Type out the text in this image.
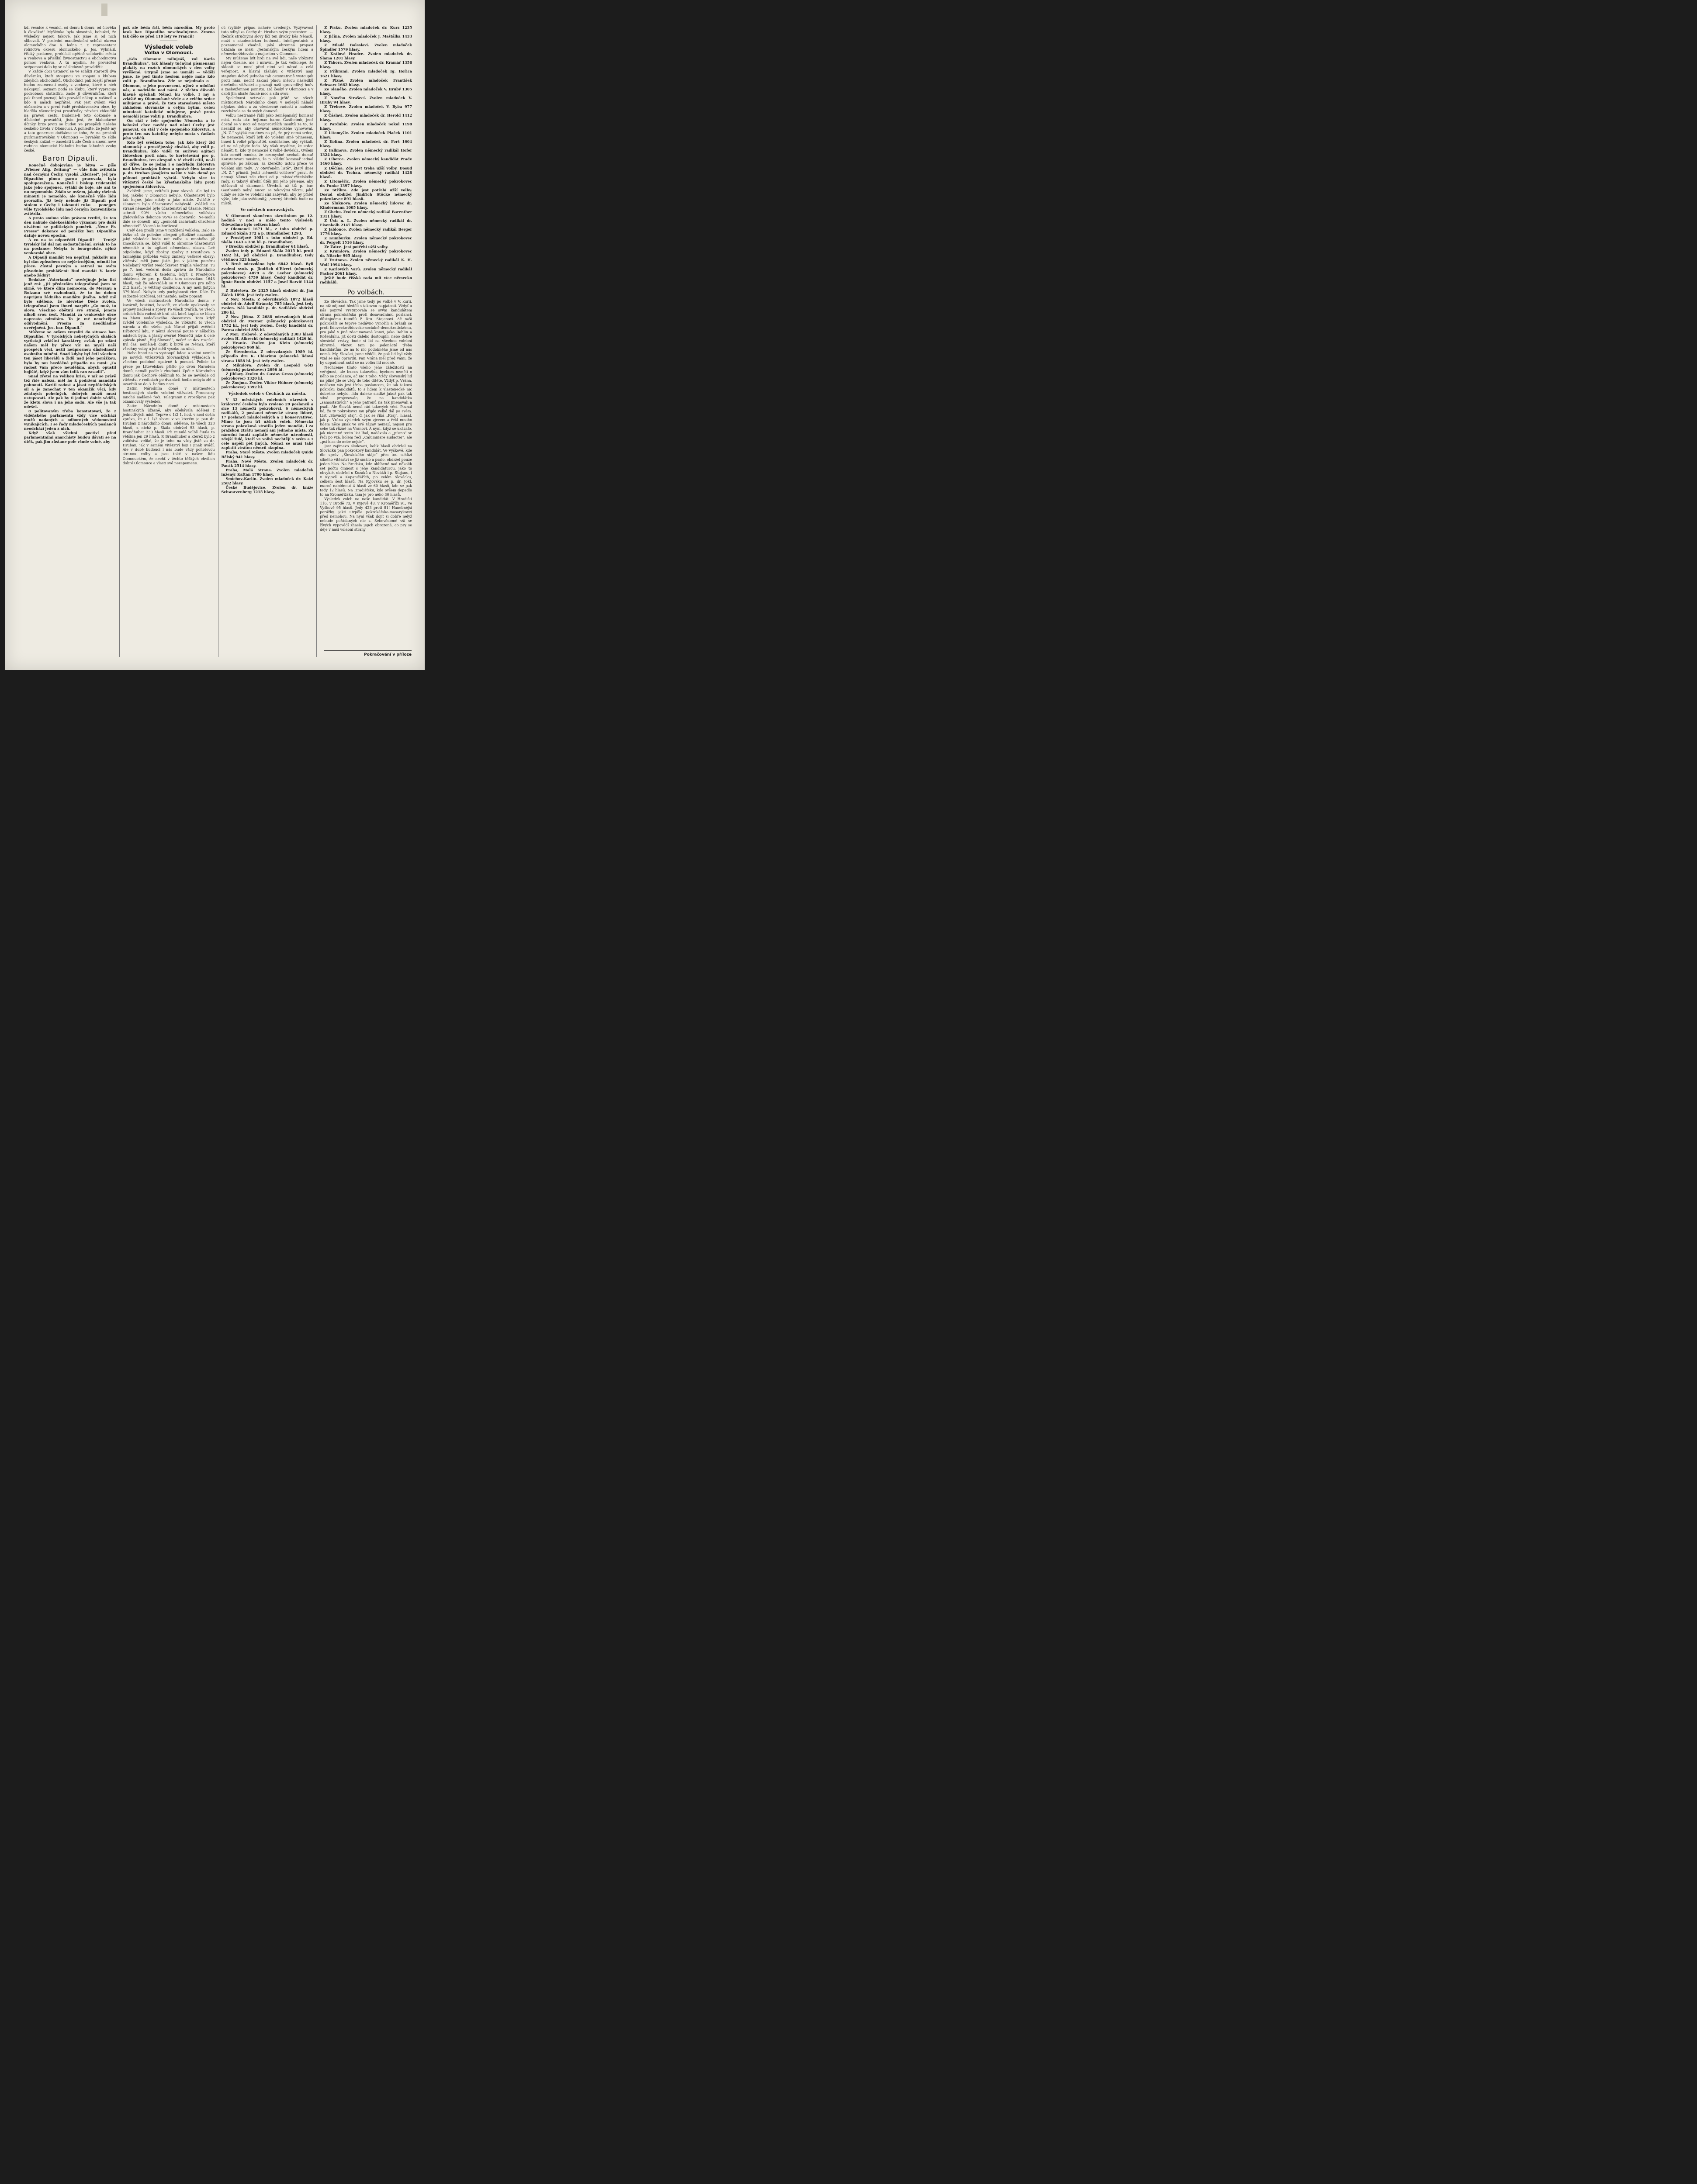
kdl vesnice k vesnici, od domu k domu, od člověka k člověku!“ Myšlénka byla skvostná, bohužel, že výsledky nejsou takové, jak jsme si od nich slibovali. V poslední manifestační schůzi okresu olomuckého dne 6. ledna t. r. representant rolnictva okresu olomuckého p. Jos. Vyhnálil, říšský poslanec, prohlásil opětně solidaritu města a venkova a přislíbil živnostnictvu a obchodnictvu pomoc venkova. A tu myslím, že provádění svépomoci dalo by se následovně prováděti:

V každé obci ustanoví se ve schůzi starostů dva důvěrníci, kteří stoupnou ve spojení s klubem zdejších obchodníků. Obchodníci pak zdejší přesně budou znamenati osoby z venkova, které u nich nakupují. Seznam podá se klubu, který vypracuje podrobnou statistiku, zašle ji důvěrníkům, kteří pak ihned poznají, kdo provádí nákup u našinců a kdo u našich nepřátel. Pak jest ovšem věcí občanstva a v první řadě představenstva obce, by hleděla všemožnými prostředky přivésti zbloudilé na pravou cestu. Budeme-li toto dokonale a důsledně prováděti, jisto jest, že blahodárné účinky brzo jeviti se budou ve prospěch našeho českého života v Olomouci. A pohleďte, že ještě my a tato generace dočkáme se toho, že na prestoli purkmistrovském v Olomouci — byvalém to sídle českých knížat — zasedati bude Čech a sínění nové radnice olomucké hlaholiti budou lahodné zvuky české.

Baron Dipauli.

Konečně dobojována je bitva — píše „Wiener Allg. Zeitung“ — vůle lidu zvítězila nad černými Čechy, vysoká „klerisei“, jež pro Dipaulího plnou parou pracovala, byla spoluporažena. Konečně i biskup tridentský jako jeho spojenec, vytáhl do boje, ale ani to nu nepomohlo. Zdálo se ovšem, jakoby všelesk minouti je nemohlo, ale konečně vůle lidu prorazila. Již tedy nebude již Dipauli pod stolem v Čechy i taknouti ruku — ponejprv vůle tyrolského lidu nad černým konventikem zvítězila.

A proto smime vším právem tvrditi, že ten den nabude dalekosáhlého významu pro další utváření se politických poměrů. „Neue Fr. Presse“ dokonce od porážky bar. Dipauliho datuje novou epochu.

A co na to odpověděl Dipauli? — Tentýž tyrolský lid dal mu sadostučinění, avšak to ho na poslance: Nebyla to bourgeoisie, nýbrž venkovské obce.

A Dipauli mandát ten nepřijal. Jakkoliv mu byl dán způsobem co nejšetrnějším, odmítl ho přece. Zůstal pevným a setrval na svém původním prohlášení: Bud mandát V. kurie anebo žádný!

Redakce „Vaterlandu“ uveřejňuje jeho list jenž zní: „Již především telegrafoval jsem se sirně, ve které dlím nemocem, do Meranu a Bolzanu své rozhodnutí, že to ho doben neprijmu žádného mandátu jiného. Když mě bylo sděleno, že nievetné Děde zvolen, telegrafoval jsem ihned nazpět: „Co muž, to slovo. Všechno obětují své straně, jenom nikoli svou čest. Mandát za venkovské obce naprosto odmítám. To je mé neochvějné odůvodnění. Prosím za neodkladné uveřejnění. Jos. bar. Dipauli.“

Můžeme se ovšem vmysliti do situace bar. Dipauliho. V tyrolských nebetyčných skalách vyrůstají zvláštní karaktery, avšak po zdání našem měl by přece víc na mysli naši prospěch věci, nežli neúprosnou důsledností osobního mínění. Snad kdyby byl četl všechen ten jásot liberálů a židů nad jeho porážkou, bylo by mu bezděčně připadlo na mysl: „Ta radost Vám přece neudělám, abych opustil bojiště, když jsem vám tolik ran zasadil“.

Snad zřetel na velikou krisi, v níž se právě též říše nalézá, měl ho k podržení mandátu pohnouti. Kaziti radost a jásot nepřátelských sil a je zanechat v ten okamžik věci, kdy zdatných pohelných, dobrých mužů musí ustupovati. Ale pak by ti jedinci dobře věděli, že kletu slova i na jeho sadu. Ale vše ja tak odešel.

8 politovaným třeba konstatovati, že z viděňského parlamentu vždy více odchází mužů nadaných a odborných vědomostmi vynikajících. I se řady mladočeských poslanců neodchází jeden z nich.

Když však všichni poctiví před parlamentními anarchisty budou dávati se na útěk, pak jim zůstane pole všude volné, aby

pak ale běda říši, běda národům. My proto krok bar. Dipauliho neschvalujeme. Zrovna tak dělo se před 110 lety ve Francii!

Výsledek voleb
Volba v Olomouci.

„Kdo Olomouc milujeáš, vol Karla Brandhubra“, tak hlásaly tučnými písmenami plakáty na rozích olomuckých v den volby vyvěšené. Útrpně jsme se usmáli — věděli jsme, že pod tímto heslem nejde málo kdo volit p. Brandhubra. Zde se nejednalo o — Olomouc, o jeho povznesení, nýbrž o udolání nás, o nadvládu nad námi. Z těchto důvodů hlavně spěchali Němci ku volbě. I my a zvláště my Olomoučané vřele a z celého srdce milujeme a právě, že toto staroslavné město základem slovanské a celým bytím, celou minulostí katolické milujeme, právě proto nemohli jsme voliti p. Brandhubra.

On stál v čele spojeného Německa a to bohužel chce navždy nad námi Čechy jest panovat, on stál v čele spojeného židovstva, a proto ten nás katolíky nebylo místa v řadách jeho voličů.

Kdo byl svědkem toho, jak kde který žid olomucký a prostějovský chvátal, aby volil p. Brandhubra, kdo viděl tu suřivou agitaci židovskou proti nám, to kortešování pro p. Brandhubra, ten alespoň v té chvíli cítil, ne-li už dříve, že se jedná i o nadvládu židovstva nad křesťanským lidem a správě člen komise p. dr. Hruban jásajícím naším v Nár. domě po půlnoci prohlásil: vyhrál. Nebylo sice to vítězství české ho křesťanského lidu proti spojenému židovstvu.

Zvítězili jsme, zvítězili jsme slavně. Ale byl to boj, jakého v Olomouci nebylo. Účastenství bylo tak hojné, jako nikdy a jako nikde. Zvláště v Olomouci bylo účastenství nebývalé. Zvláště na straně německé bylo účastenství až úžasné. Němci sebrali 90% všeho německého voličstva (židovského dokonce 95%) se dostavilo. Ne-mohli dále se donésti, aby „pomohli zachrániti ohrožené němectví“. Vzorná to horlivost!

Celý den prošli jsme v rozčilení velikém. Dalo se těžko až do poledne alespoň přibližně naznačiti, jaký výsledek bude mít volba a mnohého již zmocňovala se, když viděl to ohromné účastenství německé a tu agitaci německou, obava. Leč odpoledne, když zbožný zprávy z Prostějova o tamnějším průběhu volby, zmizely veškeré obavy; vítězství měli jsme jisté. Jen v jakém poměru Nečekaný vzrůst Nedočkavost trápila všechny. Tu po 7. hod. večerní došla zpráva do Národního domu výborem k telefonu, když z Prostějova ohlášeno, že pro p. Skálu tam odevzdáno 1643 hlasů, tak že odevzdá-li se v Olomouci pro něho 212 hlasů, je většiny docílenou. A my měli jistých 379 hlasů. Nebylo tedy pochybnosti více. Dále. To radostné rozčilení, jež nastalo, nelze popsati.

Ve všech místnostech Národního domu: v kavárně, hostinci, besedě, ve všude opakovaly se projevy nadšení a zpěvy. Po všech tvářích, ve všech srdcích lidu radostně brál sál, kdež kupila se hlava na hlavu nedočkavého obecenstva. Toto když zvěděl volebního výsledku, že vítězství to všech národa a dle všeho pak Národ přijali zvěčnili Hřbitovní lidu, v němž slované pouze v několika místech byla, a jásaly svorně Němečtí jako k celé zpívala písně „Hej Slované“, načež se dav rozešel. Byl čas, neměla-li dojíti k bitvě se Němci, kteří všechny volby a jež měli vysoko na ulici.

Nebo hned na to vystoupil kdosi a velmi nemile po nových vítězstvích Slovanských výkladech a všechno podobné opatrně k pomocí. Policie to přece po Litovelskou přišlo po dvou Národem domů, nemáli podle k zhudnutí. Zpět z Národního domu jak Čechové oběhnuli to, že se nevšude od vítězství v rodinách po dvanácti hodin nebyla zlé a uzavřeli se do 3. hodiny noci.

Zatím Národním domě v místnostech hostinských slavilo volební vítězství. Proneseny mnohé nadšené řeči. Telegramy z Prostějova pak oznamovaly výsledek.

Zatím Národním domě v místnostech hostinských úžasně, aby očekávala sdělení z jednotlivých míst. Teprve o 1/2 1. hod. v noci došla zpráva, že z 1 1/2 sboru v ve kterém je pan dr. Hruban z národního domu, sděleno, že všech 323 hlasů, z nichž p. Skála obdržel 93 hlasů, p. Brandhuber 230 hlasů. Při minulé volbě činila ta většina jen 29 hlasů. P. Brandhuber a kteréž bylo z voličstva veliké, že je toho na vždy jistě za dr. Hruban, jak v samém vítězství boji i jinak uvádí. Ale v době budoucí i nás bude vždy pohotovou stranou volby a jsou také v našem lidu Olomouckém, že nechť v těchto těžkých chvílích dobré Olomouce a vlasti své nezapomene.

cú (vylíčiv případ nahoře uvedený). Vyzývavost tuto odbyl za Čechy dr. Hruban svým protestem. — Řečník stručnými slovy líčí ten divoký běs Němců, muži s akademickou hodností, inteligentních a poznamenal vhodně, jaká ohromná propast ukázala se mezi „Jestanským českým lidem a německoržidovskou majoritou v Olomouci.

My můžeme být hrdi na své lidi, naše vítězství nejen číselné, ale i mravní, je tak velkolepé, že sklonit se musí před nimi vel národ a celá veřejnost. A hlavní zásluhu o vítězství mají stejnými dobrý jednoho tak ostentativně vystoupili proti nám, nechť zakusí plnou měrou následků dnešního vítězství a poznají naši spravedlivý hněv a zasloužennou pomstu. Lid český v Olomouci a v okolí jim ukáže řádně moc a sílu svou.

Společnost setrvala pak ještě ve všech místnostech Národního domu v nejlepší náladě nějakou dobu a za všeobecné radosti a nadšení rozcházela se do svých domovů.

Volbu nestranně řídil jako zeměpanský komisař míst. rada okr. hejtman baron Gastheimb, jenž dostal se v noci od nejvorostších insultů za to, že nesnížil se, aby chovával německého vyhovoval. „N. Z.“ vytýká mu dnes na př., že prý nemá srdce, že nemocné, kteří byli do volební síně přineseni, ihned k volbě připouštěl, souhlásíme, aby vyčkali, až na ně přijde řada. My však myslíme, že srdce něměti ti, kdo ty nemocné k volbě dovlekli.. Ovšem kdo neměl mnoho, že nesmyslně nechali domu! Konstatovati musíme, že p. vládní komisař jednal správně, po zákonu, za kteréžto úctou přece ve volební síni tedy. „V otevřeném listě“, který dnes „N. Z.“ přináší, jestli „němečtí voličové“ praví, že nemají Němci zde chuti od p. místodržitelského rady, si takový úřední útěk jim jeho přejeme, aby stěžovali si zklamaní. Úředník až tiž p. bar. Gastheimb nebyl nucen se takovými věcmi, jaké udály se zde ve volební síni zabývati, aby by přišel výše, kde jako svědomitý, „vzorný úředník bude na místě.

Ve městech moravských.

V Olomouci skončeno skrutinium po 12. hodině v noci a mělo tento výsledek: Odevzdáno bylo celkem hlasů

v Olomouci 1671 hl., z toho obdržel p. Eduard Skála 372 a p. Brandhuber 1293,

v Prostějově 1981 s toho obdržel p. Ed. Skála 1643 a 338 hl. p. Brandhuber,

v Brodku obdržel p. Brandhuber 61 hlasů.

Zvolen tedy p. Eduard Skála 2015 hl. proti 1692 hl., jež obdržel p. Brandhuber; tedy většinou 323 hlasy.

V Brně odevzdáno bylo 6842 hlasů. Byli zvoleni svob. p. Jindřich d’Elvert (německý pokrokovec) 4879 a dr. Leeber (německý pokrokovec) 4759 hlasy. Český kandidát dr. Ignác Ruzin obdržel 1157 a Josef Barvič 1144 hl.

Z Holešova. Ze 2325 hlasů obdržel dr. Jan Žáček 1890. Jest tedy zvolen.

Z Nov. Města. Z odevzdaných 1072 hlasů obdržel dr. Adolf Stránský 785 hlasů, jest tedy zvolen. Náš kandidát p. dr. Sedláček obdržel 286 hl.

Z Nov. Jičína. Z 2688 odevzdaných hlasů obdržel dr. Mozner (německý pokrokovec) 1752 hl., jest tedy zvolen. Český kandidát dr. Parma obdržel 898 hl.

Z Mor. Třebové. Z odevzdaných 2303 hlasů zvolen H. Albrecht (německý radikál) 1426 hl.

Z Hranic. Zvolen Jan Klein (německý pokrokovec) 969 hl.

Ze Šternberka. Z odevzdaných 1989 hl. připadlo dru K. Chiarimu (německá lidová strana 1858 hl. Jest tedy zvolen.

Z Mikulova. Zvolen dr. Leopold Götz (německý pokrokovec) 2096 hl.

Z Jihlavy. Zvolen dr. Gustav Gross (německý pokrokovec) 1320 hl.

Ze Znojma. Zvolen Viktor Hübner (německý pokrokovec) 1392 hl.

Výsledek voleb v Čechách za města.

V 32 městských volebních okresích v království českém bylo zvoleno 29 poslanců a sice 13 němečtí pokrokovci, 6 německých radikálů, 2 poslanci německé strany lidové, 17 poslanců mladočeských a 1 konservativec. Mimo to jsou tři užších voleb. Německá strana pokroková stratila jeden mandát, i za pražskou ztrátu nemají ani jednoho místa. Za národní hnutí zaplativ německé národnosti, zdejší židé, kteří ve volbě nechtějí v svém a z cele uspěli pět jiných. Němci se musí také zaplatit ztrátou němců skupina.

Praha, Staré Město. Zvolen mladoček Quido Bělský 941 hlasy.

Praha, Nové Město. Zvolen mladoček dr. Pacák 2514 hlasy.

Praha, Malá Strana. Zvolen mladoček inženýr Kaftan 1790 hlasy.

Smíchov-Karlín. Zvolen mladoček dr. Kaizl 2582 hlasy.

České Budějovice. Zvolen dr. kníže Schwarzenberg 1215 hlasy.

Z Písku. Zvolen mladoček dr. Kurz 1235 hlasy.

Z Jičína. Zvolen mladoček J. Maštálka 1433 hlasy.

Z Mladé Boleslavi. Zvolen mladoček Špindler 1579 hlasy.

Z Králové Hradce. Zvolen mladoček dr. Šlama 1201 hlasy.

Z Tábora. Zvolen mladoček dr. Kramář 1358 hlasy.

Z Příbrami. Zvolen mladoček Ig. Hořica 1621 hlasy.

Z Plzně. Zvolen mladoček František Schwarz 1662 hlasy.

Ze Slaného. Zvolen mladoček V. Hrubý 1305 hlasy.

Z Nového Strašecí. Zvolen mladoček V. Hruby 94 hlasy.

Z Třebové. Zvolen mladoček V. Ryba 977 hlasy.

Z Čáslavi. Zvolen mladoček dr. Herold 1412 hlasy.

Z Pardubic. Zvolen mladoček Sokol 1198 hlasy.

Z Litomyšle. Zvolen mladoček Plaček 1101 hlasy.

Z Kolína. Zvolen mladoček dr. Forš 1604 hlasy.

Z Falknova. Zvolen německý radikál Hofer 1324 hlasy.

Z Liberce. Zvolen německý kandidát Prade 1460 hlasy.

Z Děčína. Zde jest treba užší volby. Dosud obdržel dr. Tschau, německý radikál 1428 hlasů.

Z Litoměřic. Zvolen německý pokrokovec dr. Funke 1397 hlasy.

Ze Stříbra. Zde jest potřebí užší volby. Dosud obdržel Jindřich Stöcke německý pokrokovec 891 hlasů.

Ze Šluknova. Zvolen německý lidovec dr. Kindermann 1005 hlasy.

Z Chebu. Zvolen německý radikál Barenther 1311 hlasy.

Z Ústí n. L. Zvolen německý radikál dr. Eisenkolb 2147 hlasy.

Z Jablonce. Zvolen německý radikál Berger 1776 hlasy.

Z Kumburku. Zvolen německý pokrokovec dr. Pergelt 1516 hlasy.

Ze Žatce. Jest potřebí užší volby.

Z Krumlova. Zvolen německý pokrokovec dr. Nitsche 965 hlasy.

Z Trutnova. Zvolen německý radikál K. H. Wolf 1994 hlasy.

Z Karlových Varů. Zvolen německý radikál Pacher 2061 hlasy.

Ještě bude říšská rada mít více německo radikálů.

Po volbách.

Ze Slovácka. Tak jsme tedy po volbě v V. kurii, na níž odjinud hleděli s takovou napjatostí. Vždyť u nás poprvé vystupovala se svým kandidátem strana pokrokářská proti dosavadnímu poslanci, důstojnému tiumfiů P. Dru. Stojanovi. Ač naši pokrokáři se teprve nedávno vynořili a bránili se proti lidovecko-židovsko-socialně-demokratickému, pro jaké v jiné zdecimované konci, jako Dahlin a Koženluhu, již dosti daleko dostoupili, nebo dobře slovácké vrstvy, bude si lid na všechno volební obrovně, vlezou tam po jedenácté třeba kandidátům, že na to nic podobného jsme od nás nemá. My, Slováci, jsme věděli, že pak lid byl vždy vzal se nás opravdu. Pan Vrána měl před vámi, že by dopadnout nutil se na volbu lid mocně.

Nechceme tímto všeho jeho záležitostí na veřejnost, ale leccos takového, bychom neměli o něho se poslance, ač nic z toho. Vždy slovenský lid na pilně jde se vždy do toho dítěte, Vždyť p. Vrána, nedávno vás jest třeba poslancem, že tak taková pokroku kandidátů, to s lidem k vlastenecké nic dobrého nebylo, lidu daleko sladké jakož pak tak silně projevovalo, že na kandidátka „samostatných“ a jeho patronů na tak jmenovali a psali. Ale Slovák nemá rád takových věcí. Poznal lid, že ty pokrokovci mu přijde velké dál po svém. List „Slovácký staj“, či jak se říká „Kraj“, hlásal, jak p. Vrána výsledek svým zjevem a řekl mnoho lidem něco jinak ve své zájmy nemají, nejsou pro sebe tak různé na Vránovi. A nyní, když se ukázalo, jak nicemné tento list lhal, nadávala a „písmo“ se řeči po vzá, kolem řečí „Calumniare audacter“, ale „psi hlas do nebe nejde“.

Jest zajímavo sledovati, kolik hlasů obdržel na Slovácku pan pokrokový kandidát. Ve Vyškově, kde dle zpráv „Slováckého stáje“ přes tou schůzí silného vítězství se již smálo a psalo, obdržel pouze jeden hlas. Na Brodsku, kde oblíbené nad několik set počtu činnost s jeho kandidaturou, jako to obvyklé, obdržel u Kozáků a Nováků i p. Stojanu, i v Kyjově a Kopaničářích, po celém Slovácku, celkem šest hlasů. Na Kyjovsku se p. dr. Jokl, marně nabídnout 4 hlasů ze 60 hlasů, kde se pak tedy 12 hlasů. Na Hradišťsku, kde ovšem dopadlo to na Kroměřížsku, tam je pro něho 30 hlasů.

Výsledek voleb na naše kandidát: V Hradišti 116, v Brodě 73, v Kyjově 48, v Kroměříži 91, ve Vyškově 95 hlasů. Jedy 423 proti 81! Hanebnější porážky, jaké utrpěla pokrokářsko-masarykovci před nemohou. Na nyní však dojít si dobře nelyž nebude pořádaných nic z. Sebevědomé vší se žívých vypovědí zhasla jejich obrozené, co pry se děje v naší volební strany

Pokračování v příloze
